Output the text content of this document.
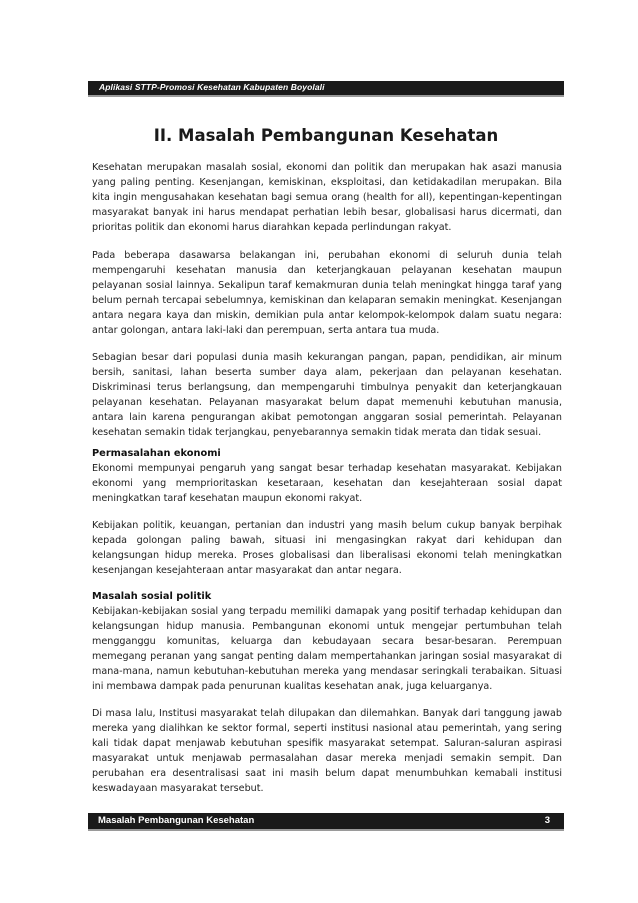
Aplikasi STTP-Promosi Kesehatan Kabupaten Boyolali
II. Masalah Pembangunan Kesehatan

Kesehatan merupakan masalah sosial, ekonomi dan politik dan merupakan hak asazi manusia yang paling penting. Kesenjangan, kemiskinan, eksploitasi, dan ketidakadilan merupakan. Bila kita ingin mengusahakan kesehatan bagi semua orang (health for all), kepentingan-kepentingan masyarakat banyak ini harus mendapat perhatian lebih besar, globalisasi harus dicermati, dan prioritas politik dan ekonomi harus diarahkan kepada perlindungan rakyat.

Pada beberapa dasawarsa belakangan ini, perubahan ekonomi di seluruh dunia telah mempengaruhi kesehatan manusia dan keterjangkauan pelayanan kesehatan maupun pelayanan sosial lainnya. Sekalipun taraf kemakmuran dunia telah meningkat hingga taraf yang belum pernah tercapai sebelumnya, kemiskinan dan kelaparan semakin meningkat. Kesenjangan antara negara kaya dan miskin, demikian pula antar kelompok-kelompok dalam suatu negara: antar golongan, antara laki-laki dan perempuan, serta antara tua muda.

Sebagian besar dari populasi dunia masih kekurangan pangan, papan, pendidikan, air minum bersih, sanitasi, lahan beserta sumber daya alam, pekerjaan dan pelayanan kesehatan. Diskriminasi terus berlangsung, dan mempengaruhi timbulnya penyakit dan keterjangkauan pelayanan kesehatan. Pelayanan masyarakat belum dapat memenuhi kebutuhan manusia, antara lain karena pengurangan akibat pemotongan anggaran sosial pemerintah. Pelayanan kesehatan semakin tidak terjangkau, penyebarannya semakin tidak merata dan tidak sesuai.

Permasalahan ekonomi

Ekonomi mempunyai pengaruh yang sangat besar terhadap kesehatan masyarakat. Kebijakan ekonomi yang memprioritaskan kesetaraan, kesehatan dan kesejahteraan sosial dapat meningkatkan taraf kesehatan maupun ekonomi rakyat.

Kebijakan politik, keuangan, pertanian dan industri yang masih belum cukup banyak berpihak kepada golongan paling bawah, situasi ini mengasingkan rakyat dari kehidupan dan kelangsungan hidup mereka. Proses globalisasi dan liberalisasi ekonomi telah meningkatkan kesenjangan kesejahteraan antar masyarakat dan antar negara.

Masalah sosial politik

Kebijakan-kebijakan sosial yang terpadu memiliki damapak yang positif terhadap kehidupan dan kelangsungan hidup manusia. Pembangunan ekonomi untuk mengejar pertumbuhan telah mengganggu komunitas, keluarga dan kebudayaan secara besar-besaran. Perempuan memegang peranan yang sangat penting dalam mempertahankan jaringan sosial masyarakat di mana-mana, namun kebutuhan-kebutuhan mereka yang mendasar seringkali terabaikan. Situasi ini membawa dampak pada penurunan kualitas kesehatan anak, juga keluarganya.

Di masa lalu, Institusi masyarakat telah dilupakan dan dilemahkan. Banyak dari tanggung jawab mereka yang dialihkan ke sektor formal, seperti institusi nasional atau pemerintah, yang sering kali tidak dapat menjawab kebutuhan spesifik masyarakat setempat. Saluran-saluran aspirasi masyarakat untuk menjawab permasalahan dasar mereka menjadi semakin sempit. Dan perubahan era desentralisasi saat ini masih belum dapat menumbuhkan kemabali institusi keswadayaan masyarakat tersebut.

Masalah Pembangunan Kesehatan	3
